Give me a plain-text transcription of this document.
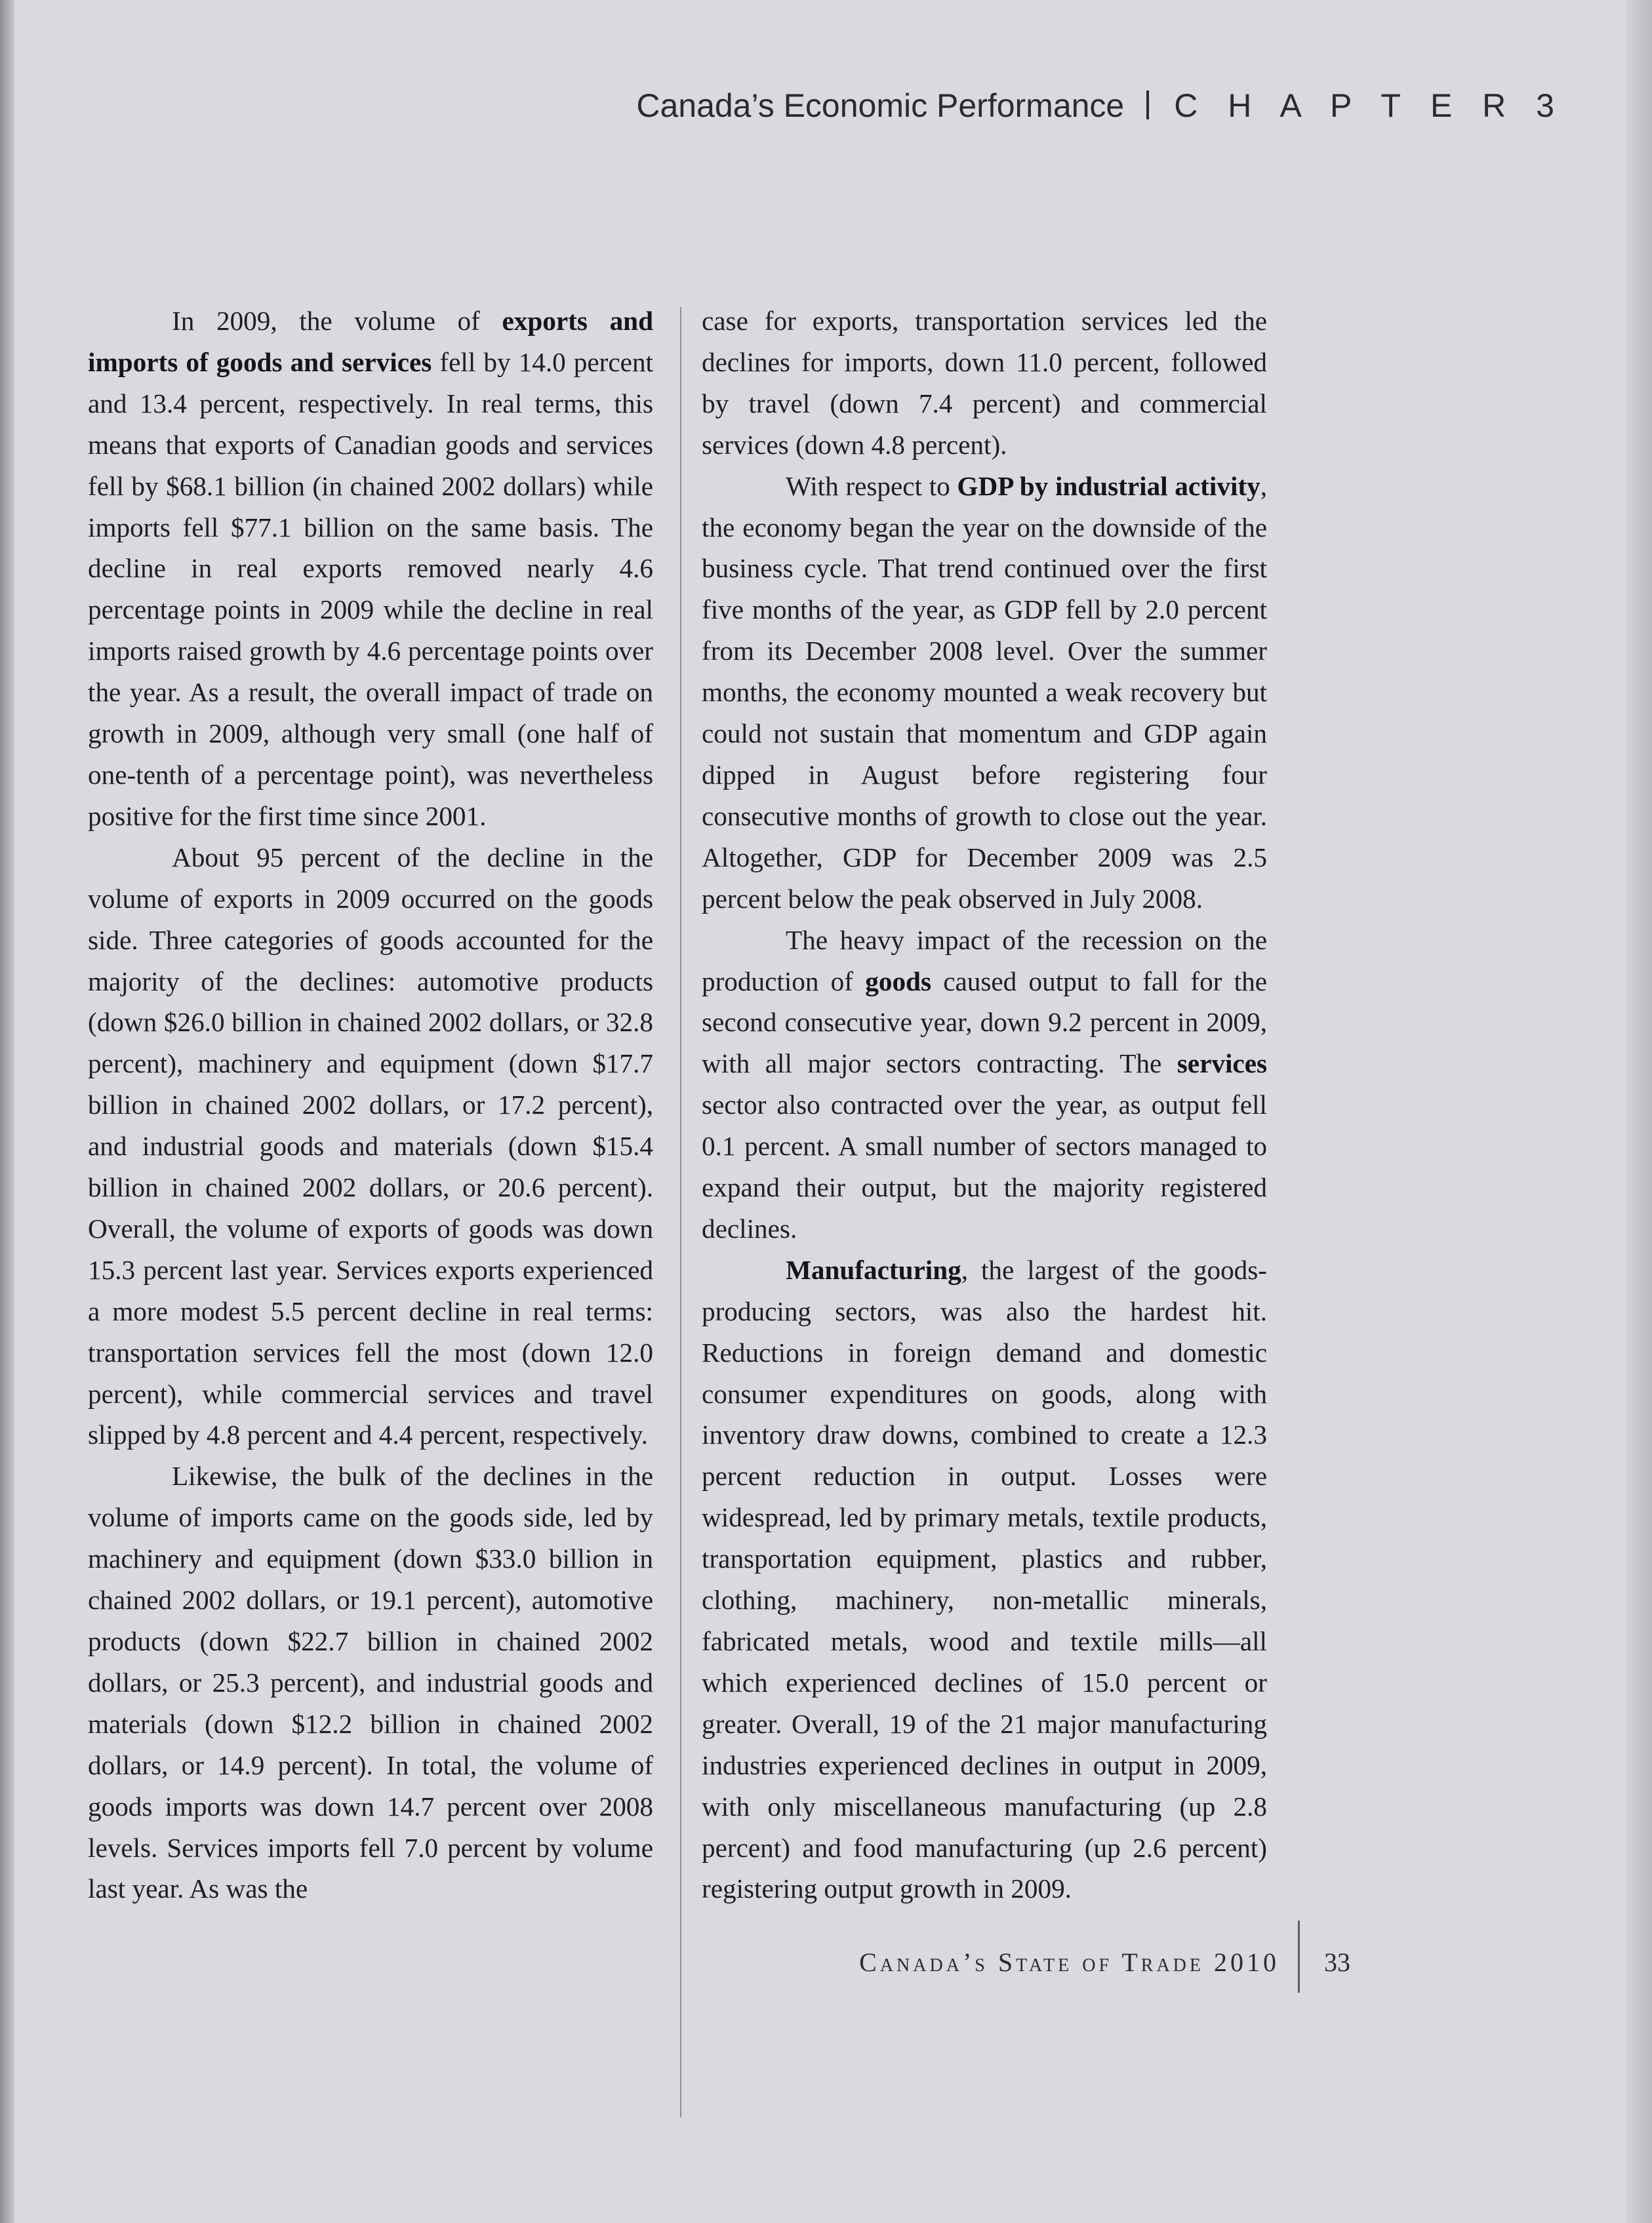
Canada’s Economic Performance C H A P T E R 3

In 2009, the volume of exports and imports of goods and services fell by 14.0 percent and 13.4 percent, respectively. In real terms, this means that exports of Canadian goods and services fell by $68.1 billion (in chained 2002 dollars) while imports fell $77.1 billion on the same basis. The decline in real exports removed nearly 4.6 percentage points in 2009 while the decline in real imports raised growth by 4.6 percentage points over the year. As a result, the overall impact of trade on growth in 2009, although very small (one half of one-tenth of a percentage point), was nevertheless positive for the first time since 2001.

About 95 percent of the decline in the volume of exports in 2009 occurred on the goods side. Three categories of goods accounted for the majority of the declines: automotive products (down $26.0 billion in chained 2002 dollars, or 32.8 percent), machinery and equipment (down $17.7 billion in chained 2002 dollars, or 17.2 percent), and industrial goods and materials (down $15.4 billion in chained 2002 dollars, or 20.6 percent). Overall, the volume of exports of goods was down 15.3 percent last year. Services exports experienced a more modest 5.5 percent decline in real terms: transportation services fell the most (down 12.0 percent), while commercial services and travel slipped by 4.8 percent and 4.4 percent, respectively.

Likewise, the bulk of the declines in the volume of imports came on the goods side, led by machinery and equipment (down $33.0 billion in chained 2002 dollars, or 19.1 percent), automotive products (down $22.7 billion in chained 2002 dollars, or 25.3 percent), and industrial goods and materials (down $12.2 billion in chained 2002 dollars, or 14.9 percent). In total, the volume of goods imports was down 14.7 percent over 2008 levels. Services imports fell 7.0 percent by volume last year. As was the

case for exports, transportation services led the declines for imports, down 11.0 percent, followed by travel (down 7.4 percent) and commercial services (down 4.8 percent).

With respect to GDP by industrial activity, the economy began the year on the downside of the business cycle. That trend continued over the first five months of the year, as GDP fell by 2.0 percent from its December 2008 level. Over the summer months, the economy mounted a weak recovery but could not sustain that momentum and GDP again dipped in August before registering four consecutive months of growth to close out the year. Altogether, GDP for December 2009 was 2.5 percent below the peak observed in July 2008.

The heavy impact of the recession on the production of goods caused output to fall for the second consecutive year, down 9.2 percent in 2009, with all major sectors contracting. The services sector also contracted over the year, as output fell 0.1 percent. A small number of sectors managed to expand their output, but the majority registered declines.

Manufacturing, the largest of the goods-producing sectors, was also the hardest hit. Reductions in foreign demand and domestic consumer expenditures on goods, along with inventory draw downs, combined to create a 12.3 percent reduction in output. Losses were widespread, led by primary metals, textile products, transportation equipment, plastics and rubber, clothing, machinery, non-metallic minerals, fabricated metals, wood and textile mills—all which experienced declines of 15.0 percent or greater. Overall, 19 of the 21 major manufacturing industries experienced declines in output in 2009, with only miscellaneous manufacturing (up 2.8 percent) and food manufacturing (up 2.6 percent) registering output growth in 2009.

Canada’s State of Trade 2010 33
